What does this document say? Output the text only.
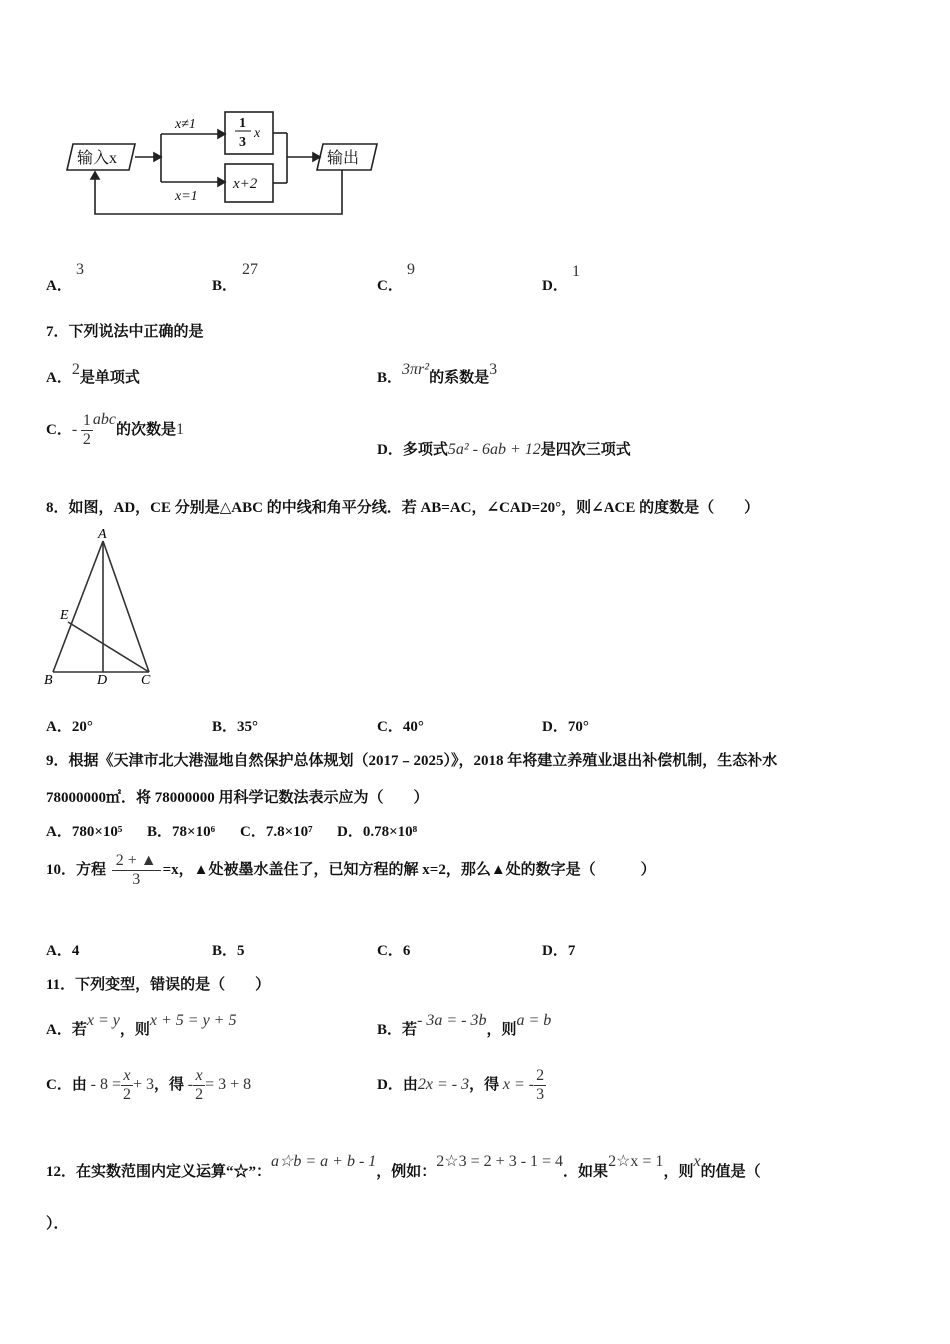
输入x	输出
x≠1
x=1
1
3
x
x+2
A．
3
B．
27
C．
9
D．
1
7．下列说法中正确的是
A．2是单项式	B．3πr²的系数是3
C．- $\frac{1}{2}$ abc的次数是1
D．多项式5a² - 6ab + 12是四次三项式
8．如图，AD，CE 分别是△ABC 的中线和角平分线．若 AB=AC，∠CAD=20°，则∠ACE 的度数是（　　）
A
B	C
D
E
A．20°	B．35°	C．40°	D．70°
9．根据《天津市北大港湿地自然保护总体规划（2017﹣2025）》，2018 年将建立养殖业退出补偿机制，生态补水
78000000㎡．将 78000000 用科学记数法表示应为（　　）
A．780×10⁵ B．78×10⁶ C．7.8×10⁷ D．0.78×10⁸
10．方程 $\frac{2 + ▲}{3} =x$，▲处被墨水盖住了，已知方程的解 x=2，那么▲处的数字是（　　　）
A．4	B．5	C．6	D．7
11．下列变型，错误的是（　　）
A．若x = y，则x + 5 = y + 5
B．若- 3a = - 3b，则a = b
C．由 - $8 = \frac{x}{2} + 3$，得 - $\frac{x}{2} = 3 + 8$	D．由2x = - 3，得 x = - $\frac{2}{3}$
12．在实数范围内定义运算“☆”：a☆b = a + b - 1，例如：2☆3 = 2 + 3 - 1 = 4．如果2☆x = 1，则x的值是（
）．
